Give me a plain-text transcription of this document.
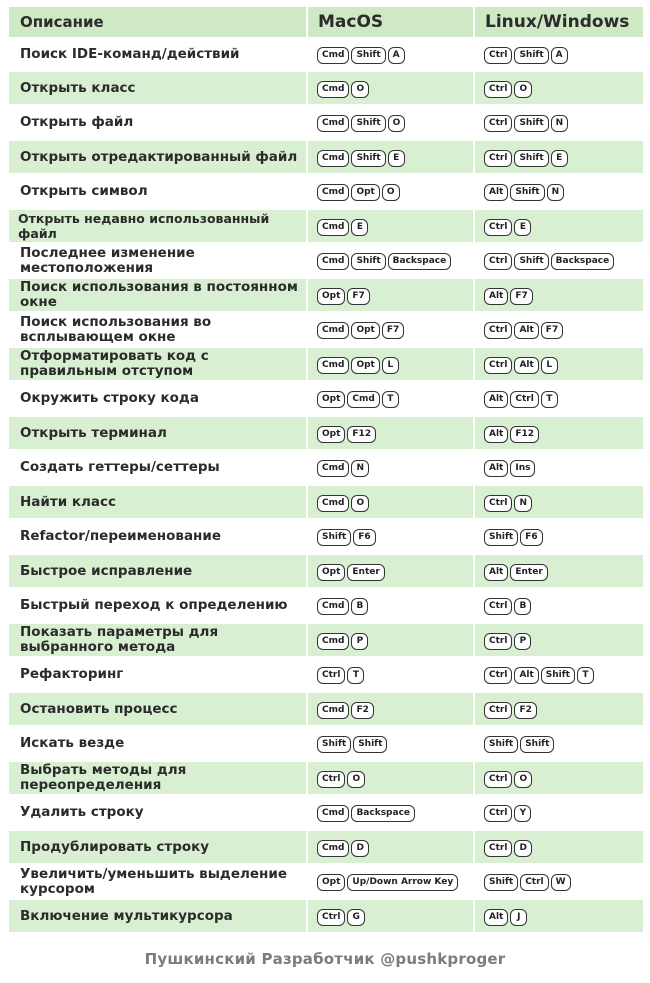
Описание	MacOS	Linux/Windows
Поиск IDE-команд/действий	Cmd Shift A	Ctrl Shift A
Открыть класс	Cmd O	Ctrl O
Открыть файл	Cmd Shift O	Ctrl Shift N
Открыть отредактированный файл	Cmd Shift E	Ctrl Shift E
Открыть символ	Cmd Opt O	Alt Shift N
Открыть недавно использованный файл	Cmd E	Ctrl E
Последнее изменение местоположения	Cmd Shift Backspace	Ctrl Shift Backspace
Поиск использования в постоянном окне	Opt F7	Alt F7
Поиск использования во всплывающем окне	Cmd Opt F7	Ctrl Alt F7
Отформатировать код с правильным отступом	Cmd Opt L	Ctrl Alt L
Окружить строку кода	Opt Cmd T	Alt Ctrl T
Открыть терминал	Opt F12	Alt F12
Создать геттеры/сеттеры	Cmd N	Alt Ins
Найти класс	Cmd O	Ctrl N
Refactor/переименование	Shift F6	Shift F6
Быстрое исправление	Opt Enter	Alt Enter
Быстрый переход к определению	Cmd B	Ctrl B
Показать параметры для выбранного метода	Cmd P	Ctrl P
Рефакторинг	Ctrl T	Ctrl Alt Shift T
Остановить процесс	Cmd F2	Ctrl F2
Искать везде	Shift Shift	Shift Shift
Выбрать методы для переопределения	Ctrl O	Ctrl O
Удалить строку	Cmd Backspace	Ctrl Y
Продублировать строку	Cmd D	Ctrl D
Увеличить/уменьшить выделение курсором	Opt Up/Down Arrow Key	Shift Ctrl W
Включение мультикурсора	Ctrl G	Alt J
Пушкинский Разработчик @pushkproger
